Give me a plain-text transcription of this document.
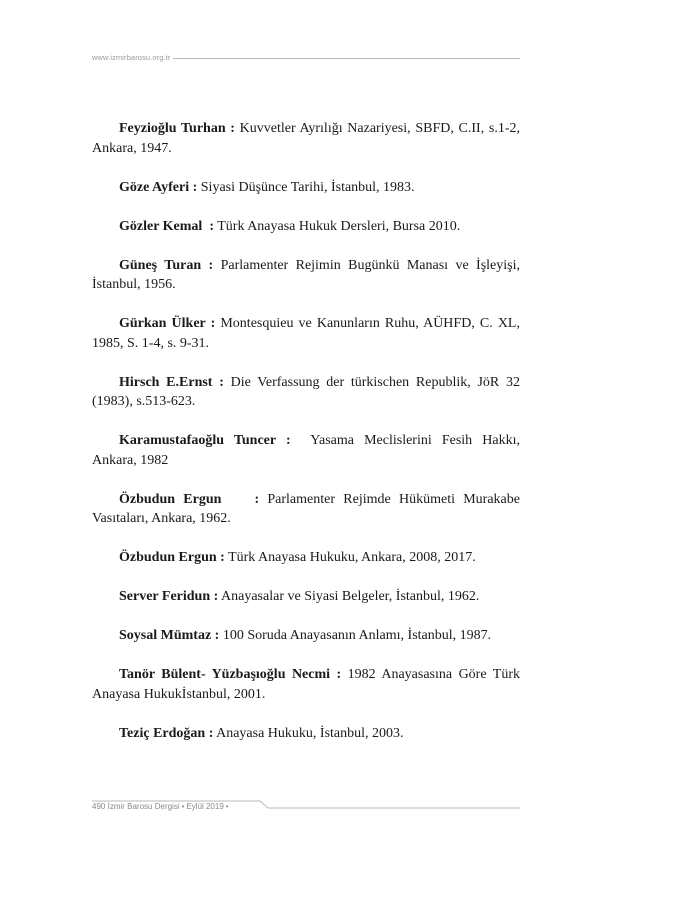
www.izmirbarosu.org.tr

Feyzioğlu Turhan : Kuvvetler Ayrılığı Nazariyesi, SBFD, C.II, s.1-2, Ankara, 1947.

Göze Ayferi : Siyasi Düşünce Tarihi, İstanbul, 1983.

Gözler Kemal  : Türk Anayasa Hukuk Dersleri, Bursa 2010.

Güneş Turan : Parlamenter Rejimin Bugünkü Manası ve İşleyişi, İstanbul, 1956.

Gürkan Ülker : Montesquieu ve Kanunların Ruhu, AÜHFD, C. XL, 1985, S. 1-4, s. 9-31.

Hirsch E.Ernst : Die Verfassung der türkischen Republik, JöR 32 (1983), s.513-623.

Karamustafaoğlu Tuncer :  Yasama Meclislerini Fesih Hakkı, Ankara, 1982

Özbudun Ergun    : Parlamenter Rejimde Hükümeti Murakabe Vasıtaları, Ankara, 1962.

Özbudun Ergun : Türk Anayasa Hukuku, Ankara, 2008, 2017.

Server Feridun : Anayasalar ve Siyasi Belgeler, İstanbul, 1962.

Soysal Mümtaz : 100 Soruda Anayasanın Anlamı, İstanbul, 1987.

Tanör Bülent- Yüzbaşıoğlu Necmi : 1982 Anayasasına Göre Türk Anayasa Hukukİstanbul, 2001.

Teziç Erdoğan : Anayasa Hukuku, İstanbul, 2003.

490 İzmir Barosu Dergisi • Eylül 2019 •
